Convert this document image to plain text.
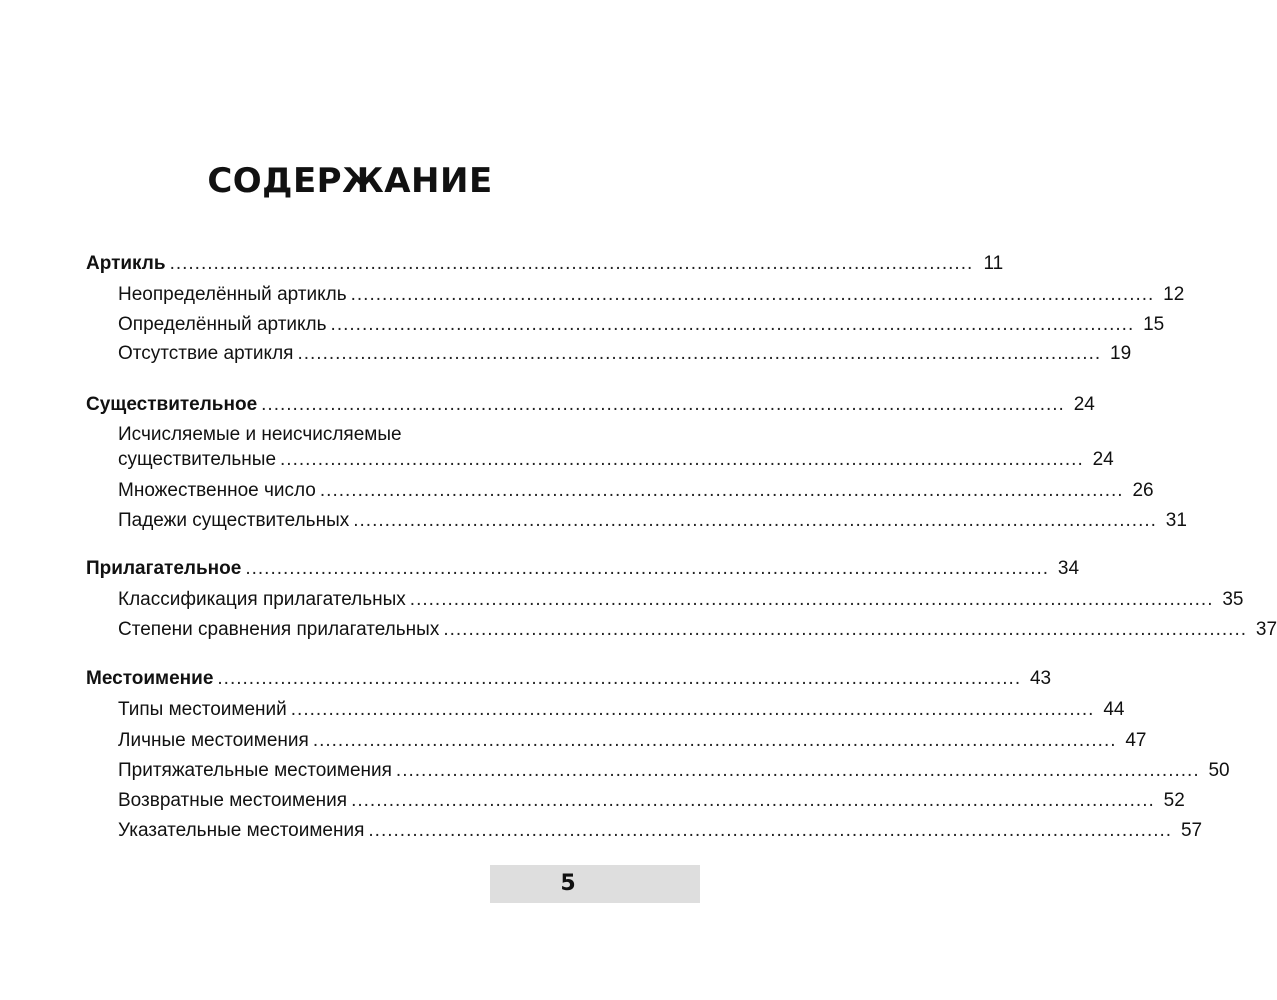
СОДЕРЖАНИЕ
Артикль ................................................................................................................................ 11
Неопределённый артикль ................................................................................................................................ 12
Определённый артикль ................................................................................................................................ 15
Отсутствие артикля ................................................................................................................................ 19
Существительное ................................................................................................................................ 24
Исчисляемые и неисчисляемые
существительные ................................................................................................................................ 24
Множественное число ................................................................................................................................ 26
Падежи существительных ................................................................................................................................ 31
Прилагательное ................................................................................................................................ 34
Классификация прилагательных ................................................................................................................................ 35
Степени сравнения прилагательных ................................................................................................................................ 37
Местоимение ................................................................................................................................ 43
Типы местоимений ................................................................................................................................ 44
Личные местоимения ................................................................................................................................ 47
Притяжательные местоимения ................................................................................................................................ 50
Возвратные местоимения ................................................................................................................................ 52
Указательные местоимения ................................................................................................................................ 57
5
